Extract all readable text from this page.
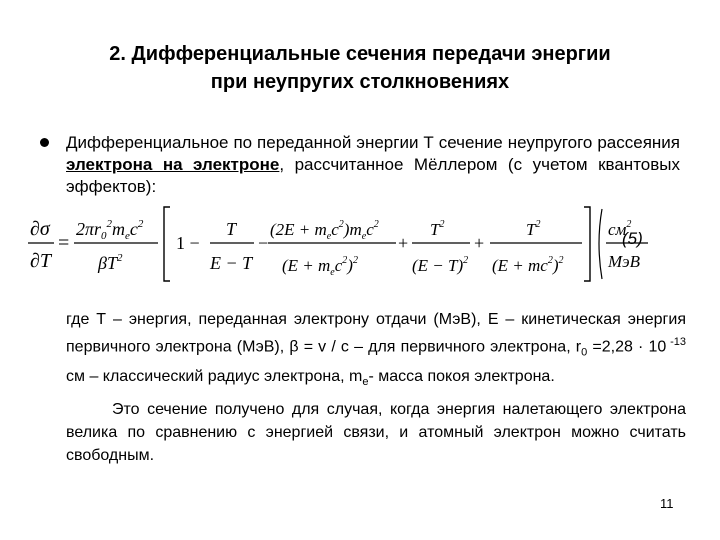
2. Дифференциальные сечения передачи энергии
при неупругих столкновениях
Дифференциальное по переданной энергии Т сечение неупругого рассеяния электрона на электроне, рассчитанное Мёллером (с учетом квантовых эффектов):
∂σ
∂T
=
$2\pi r_0^2m_ec^2$
$\beta T^2$
1 −
T
E − T
−
$(2E + m_ec^2)m_ec^2$
$(E + m_ec^2)^2$
+
$T^2$
$(E - T)^2$
+
$T^2$
$(E + mc^2)^2$
$см^2$
МэВ
(5)
где Т – энергия, переданная электрону отдачи (МэВ), Е – кинетическая энергия первичного электрона (МэВ), β = v / c – для первичного электрона, $r_0 =2,28 \cdot 10$ $^{-13}$ см – классический радиус электрона, $m_e-$ масса покоя электрона.
Это сечение получено для случая, когда энергия налетающего электрона велика по сравнению с энергией связи, и атомный электрон можно считать свободным.
11
